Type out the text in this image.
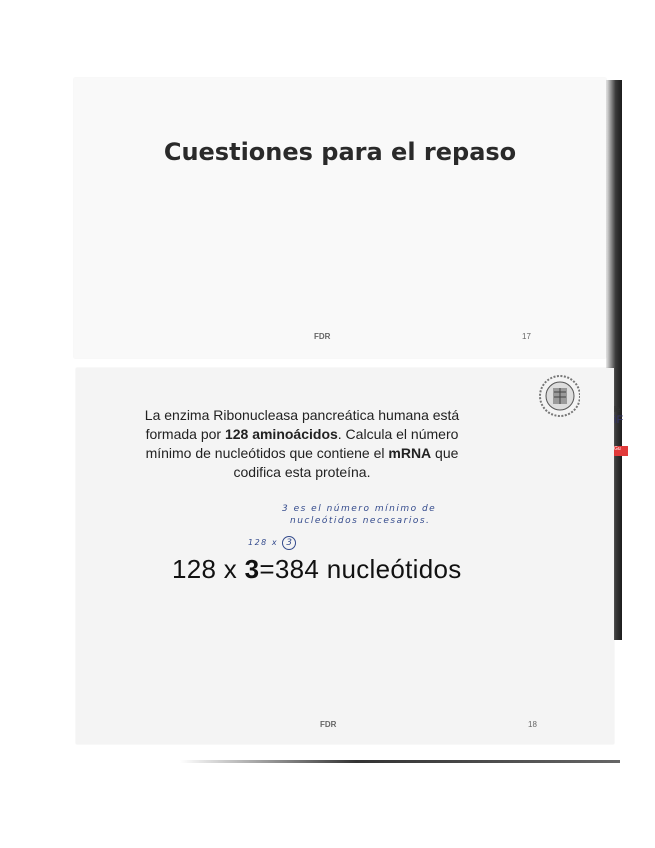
le
iF
Gu
Cuestiones para el repaso
FDR	17
La enzima Ribonucleasa pancreática humana está formada por 128 aminoácidos. Calcula el número mínimo de nucleótidos que contiene el mRNA que codifica esta proteína.
3 es el número mínimo de
nucleótidos necesarios.
128 x 3
128 x 3=384 nucleótidos
FDR	18
